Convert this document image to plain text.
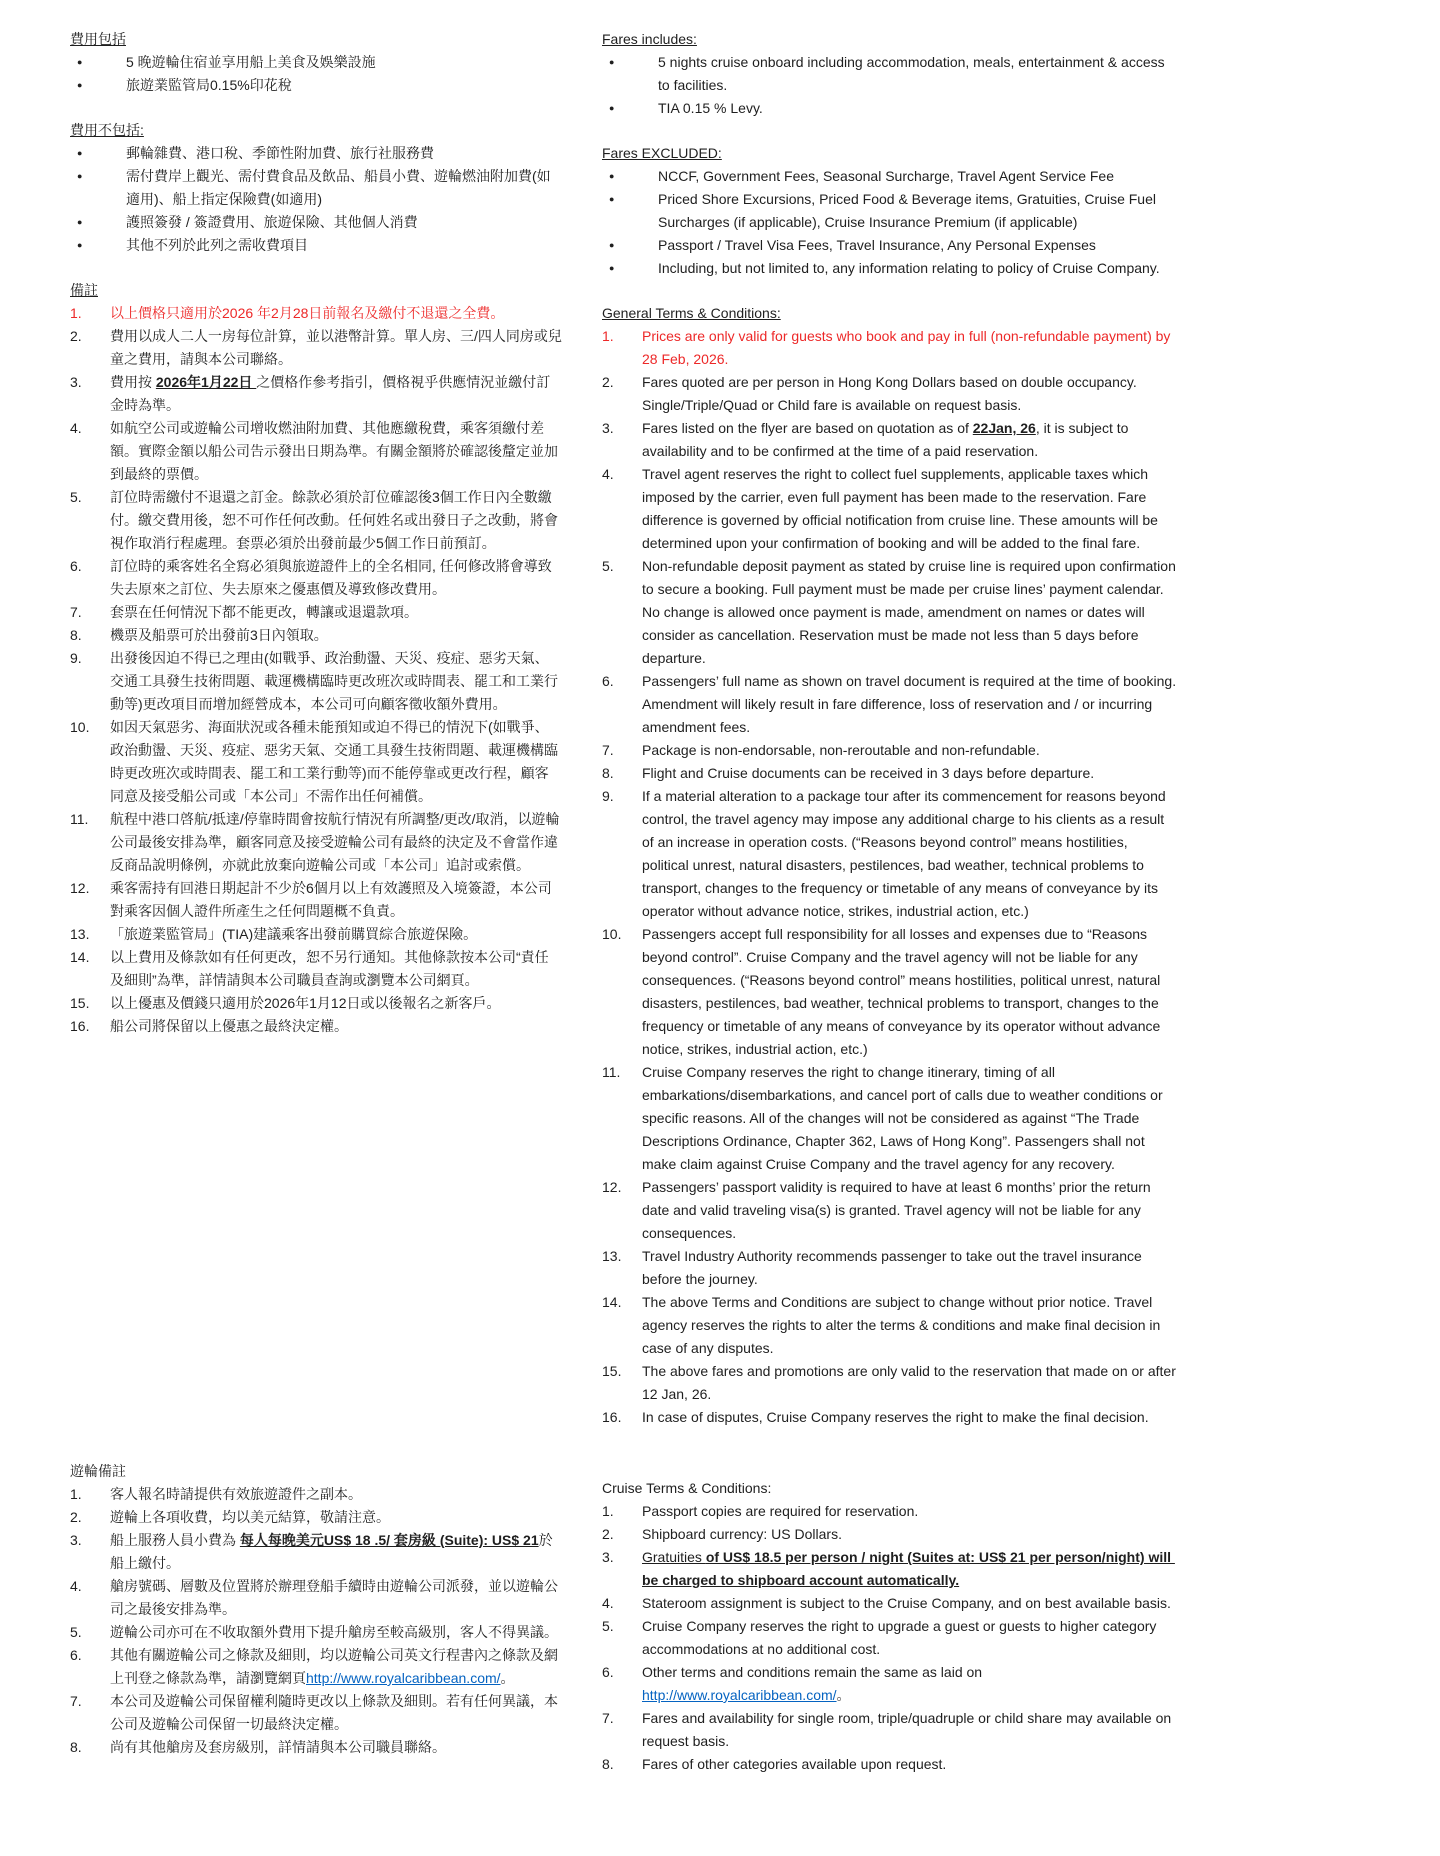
費用包括
●	5 晚遊輪住宿並享用船上美食及娛樂設施
●	旅遊業監管局0.15%印花稅
費用不包括:
●	郵輪雜費、港口稅、季節性附加費、旅行社服務費
●	需付費岸上觀光、需付費食品及飲品、船員小費、遊輪燃油附加費(如適用)、船上指定保險費(如適用)
●	護照簽發 / 簽證費用、旅遊保險、其他個人消費
●	其他不列於此列之需收費項目
備註
1.	以上價格只適用於2026 年2月28日前報名及繳付不退還之全費。
2.	費用以成人二人一房每位計算，並以港幣計算。單人房、三/四人同房或兒童之費用，請與本公司聯絡。
3.	費用按 2026年1月22日 之價格作參考指引，價格視乎供應情況並繳付訂金時為準。
4.	如航空公司或遊輪公司增收燃油附加費、其他應繳稅費，乘客須繳付差額。實際金額以船公司告示發出日期為準。有關金額將於確認後釐定並加到最終的票價。
5.	訂位時需繳付不退還之訂金。餘款必須於訂位確認後3個工作日內全數繳付。繳交費用後，恕不可作任何改動。任何姓名或出發日子之改動，將會視作取消行程處理。套票必須於出發前最少5個工作日前預訂。
6.	訂位時的乘客姓名全寫必須與旅遊證件上的全名相同, 任何修改將會導致失去原來之訂位、失去原來之優惠價及導致修改費用。
7.	套票在任何情況下都不能更改，轉讓或退還款項。
8.	機票及船票可於出發前3日內領取。
9.	出發後因迫不得已之理由(如戰爭、政治動盪、天災、疫症、惡劣天氣、交通工具發生技術問題、載運機構臨時更改班次或時間表、罷工和工業行動等)更改項目而增加經營成本，本公司可向顧客徵收額外費用。
10.	如因天氣惡劣、海面狀況或各種未能預知或迫不得已的情況下(如戰爭、政治動盪、天災、疫症、惡劣天氣、交通工具發生技術問題、載運機構臨時更改班次或時間表、罷工和工業行動等)而不能停靠或更改行程，顧客同意及接受船公司或「本公司」不需作出任何補償。
11.	航程中港口啓航/抵達/停靠時間會按航行情況有所調整/更改/取消，以遊輪公司最後安排為準，顧客同意及接受遊輪公司有最終的決定及不會當作違反商品說明條例，亦就此放棄向遊輪公司或「本公司」追討或索償。
12.	乘客需持有回港日期起計不少於6個月以上有效護照及入境簽證，本公司對乘客因個人證件所產生之任何問題概不負責。
13.	「旅遊業監管局」(TIA)建議乘客出發前購買綜合旅遊保險。
14.	以上費用及條款如有任何更改，恕不另行通知。其他條款按本公司“責任及細則”為準，詳情請與本公司職員查詢或瀏覽本公司網頁。
15.	以上優惠及價錢只適用於2026年1月12日或以後報名之新客戶。
16.	船公司將保留以上優惠之最終決定權。
遊輪備註
1.	客人報名時請提供有效旅遊證件之副本。
2.	遊輪上各項收費，均以美元結算，敬請注意。
3.	船上服務人員小費為 每人每晚美元US$ 18 .5/ 套房級 (Suite): US$ 21於船上繳付。
4.	艙房號碼、層數及位置將於辦理登船手續時由遊輪公司派發，並以遊輪公司之最後安排為準。
5.	遊輪公司亦可在不收取額外費用下提升艙房至較高級別，客人不得異議。
6.	其他有關遊輪公司之條款及細則，均以遊輪公司英文行程書內之條款及網上刊登之條款為準，請瀏覽網頁http://www.royalcaribbean.com/。
7.	本公司及遊輪公司保留權利隨時更改以上條款及細則。若有任何異議，本公司及遊輪公司保留一切最終決定權。
8.	尚有其他艙房及套房級別，詳情請與本公司職員聯絡。
Fares includes:
●	5 nights cruise onboard including accommodation, meals, entertainment & access to facilities.
●	TIA 0.15 % Levy.
Fares EXCLUDED:
●	NCCF, Government Fees, Seasonal Surcharge, Travel Agent Service Fee
●	Priced Shore Excursions, Priced Food & Beverage items, Gratuities, Cruise Fuel Surcharges (if applicable), Cruise Insurance Premium (if applicable)
●	Passport / Travel Visa Fees, Travel Insurance, Any Personal Expenses
●	Including, but not limited to, any information relating to policy of Cruise Company.
General Terms & Conditions:
1.	Prices are only valid for guests who book and pay in full (non-refundable payment) by 28 Feb, 2026.
2.	Fares quoted are per person in Hong Kong Dollars based on double occupancy. Single/Triple/Quad or Child fare is available on request basis.
3.	Fares listed on the flyer are based on quotation as of 22Jan, 26, it is subject to availability and to be confirmed at the time of a paid reservation.
4.	Travel agent reserves the right to collect fuel supplements, applicable taxes which imposed by the carrier, even full payment has been made to the reservation. Fare difference is governed by official notification from cruise line. These amounts will be determined upon your confirmation of booking and will be added to the final fare.
5.	Non-refundable deposit payment as stated by cruise line is required upon confirmation to secure a booking. Full payment must be made per cruise lines’ payment calendar. No change is allowed once payment is made, amendment on names or dates will consider as cancellation. Reservation must be made not less than 5 days before departure.
6.	Passengers’ full name as shown on travel document is required at the time of booking. Amendment will likely result in fare difference, loss of reservation and / or incurring amendment fees.
7.	Package is non-endorsable, non-reroutable and non-refundable.
8.	Flight and Cruise documents can be received in 3 days before departure.
9.	If a material alteration to a package tour after its commencement for reasons beyond control, the travel agency may impose any additional charge to his clients as a result of an increase in operation costs. (“Reasons beyond control” means hostilities, political unrest, natural disasters, pestilences, bad weather, technical problems to transport, changes to the frequency or timetable of any means of conveyance by its operator without advance notice, strikes, industrial action, etc.)
10.	Passengers accept full responsibility for all losses and expenses due to “Reasons beyond control”. Cruise Company and the travel agency will not be liable for any consequences. (“Reasons beyond control” means hostilities, political unrest, natural disasters, pestilences, bad weather, technical problems to transport, changes to the frequency or timetable of any means of conveyance by its operator without advance notice, strikes, industrial action, etc.)
11.	Cruise Company reserves the right to change itinerary, timing of all embarkations/disembarkations, and cancel port of calls due to weather conditions or specific reasons. All of the changes will not be considered as against “The Trade Descriptions Ordinance, Chapter 362, Laws of Hong Kong”. Passengers shall not make claim against Cruise Company and the travel agency for any recovery.
12.	Passengers’ passport validity is required to have at least 6 months’ prior the return date and valid traveling visa(s) is granted. Travel agency will not be liable for any consequences.
13.	Travel Industry Authority recommends passenger to take out the travel insurance before the journey.
14.	The above Terms and Conditions are subject to change without prior notice. Travel agency reserves the rights to alter the terms & conditions and make final decision in case of any disputes.
15.	The above fares and promotions are only valid to the reservation that made on or after 12 Jan, 26.
16.	In case of disputes, Cruise Company reserves the right to make the final decision.
Cruise Terms & Conditions:
1.	Passport copies are required for reservation.
2.	Shipboard currency: US Dollars.
3.	Gratuities of US$ 18.5 per person / night (Suites at: US$ 21 per person/night) will be charged to shipboard account automatically.
4.	Stateroom assignment is subject to the Cruise Company, and on best available basis.
5.	Cruise Company reserves the right to upgrade a guest or guests to higher category accommodations at no additional cost.
6.	Other terms and conditions remain the same as laid on http://www.royalcaribbean.com/。
7.	Fares and availability for single room, triple/quadruple or child share may available on request basis.
8.	Fares of other categories available upon request.
